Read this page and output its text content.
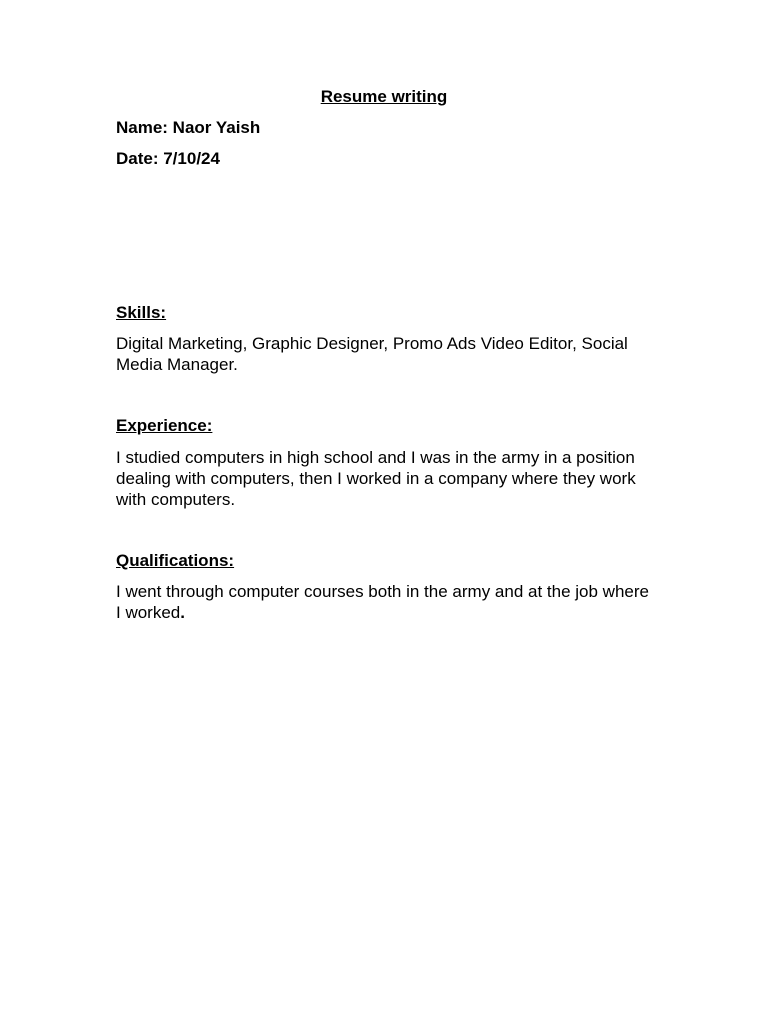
Resume writing

Name: Naor Yaish

Date: 7/10/24

Skills:

Digital Marketing, Graphic Designer, Promo Ads Video Editor, Social Media Manager.

Experience:

I studied computers in high school and I was in the army in a position dealing with computers, then I worked in a company where they work with computers.

Qualifications:

I went through computer courses both in the army and at the job where I worked.
